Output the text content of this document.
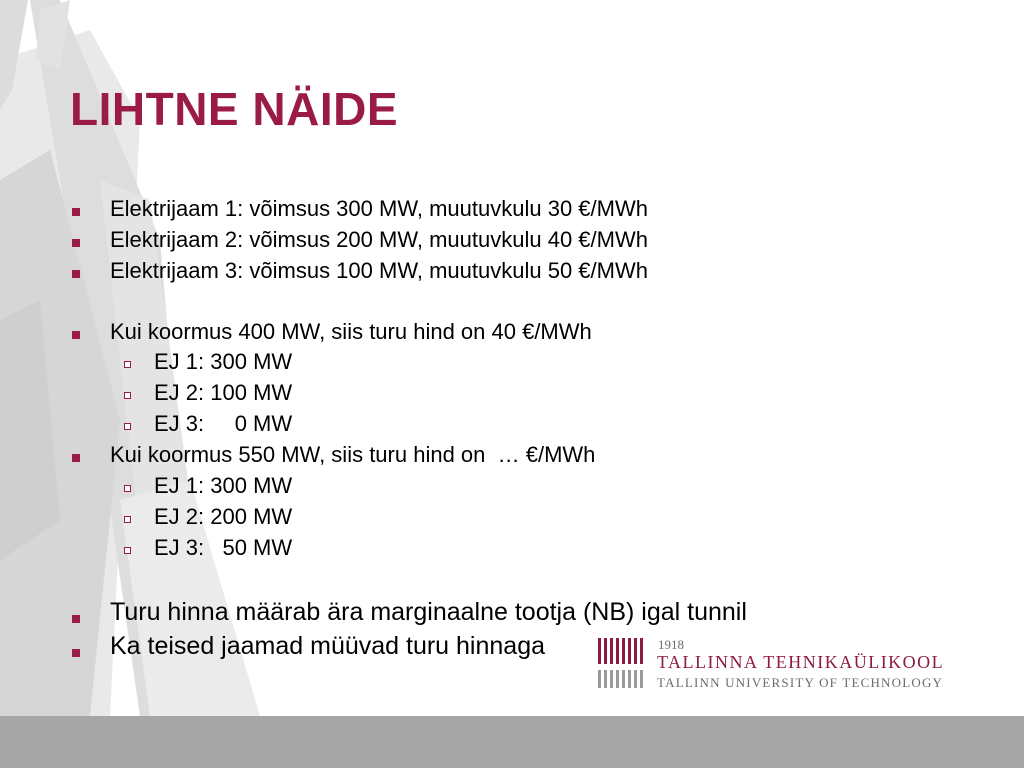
LIHTNE NÄIDE
Elektrijaam 1: võimsus 300 MW, muutuvkulu 30 €/MWh
Elektrijaam 2: võimsus 200 MW, muutuvkulu 40 €/MWh
Elektrijaam 3: võimsus 100 MW, muutuvkulu 50 €/MWh
Kui koormus 400 MW, siis turu hind on 40 €/MWh
EJ 1: 300 MW
EJ 2: 100 MW
EJ 3:     0 MW
Kui koormus 550 MW, siis turu hind on  … €/MWh
EJ 1: 300 MW
EJ 2: 200 MW
EJ 3:   50 MW
Turu hinna määrab ära marginaalne tootja (NB) igal tunnil
Ka teised jaamad müüvad turu hinnaga	1918
TALLINNA TEHNIKAÜLIKOOL
TALLINN UNIVERSITY OF TECHNOLOGY
